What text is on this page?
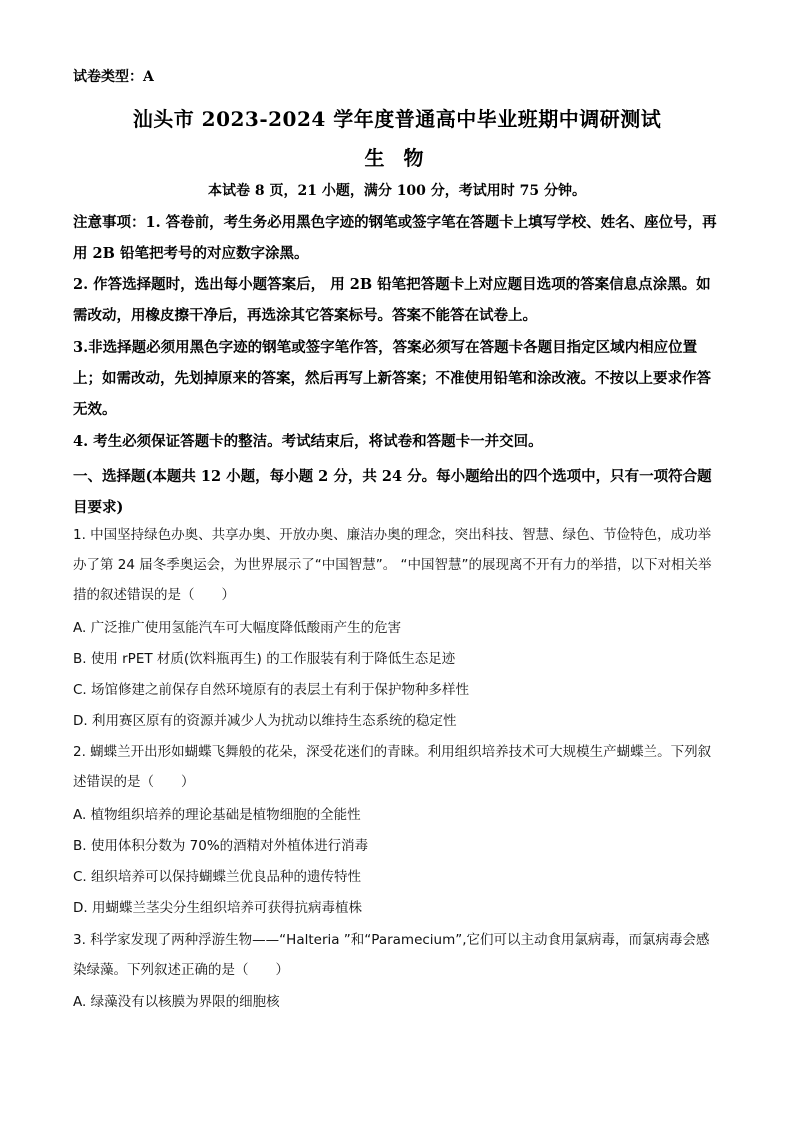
试卷类型：A
汕头市 2023-2024 学年度普通高中毕业班期中调研测试
生 物
本试卷 8 页，21 小题，满分 100 分，考试用时 75 分钟。

注意事项：1. 答卷前，考生务必用黑色字迹的钢笔或签字笔在答题卡上填写学校、姓名、座位号，再用 2B 铅笔把考号的对应数字涂黑。

2. 作答选择题时，选出每小题答案后， 用 2B 铅笔把答题卡上对应题目选项的答案信息点涂黑。如需改动，用橡皮擦干净后，再选涂其它答案标号。答案不能答在试卷上。

3.非选择题必须用黑色字迹的钢笔或签字笔作答，答案必须写在答题卡各题目指定区域内相应位置上；如需改动，先划掉原来的答案，然后再写上新答案；不准使用铅笔和涂改液。不按以上要求作答无效。

4. 考生必须保证答题卡的整洁。考试结束后，将试卷和答题卡一并交回。

一、选择题(本题共 12 小题，每小题 2 分，共 24 分。每小题给出的四个选项中，只有一项符合题目要求)

1. 中国坚持绿色办奥、共享办奥、开放办奥、廉洁办奥的理念，突出科技、智慧、绿色、节俭特色，成功举办了第 24 届冬季奥运会，为世界展示了“中国智慧”。 “中国智慧”的展现离不开有力的举措，以下对相关举措的叙述错误的是（　　）

A. 广泛推广使用氢能汽车可大幅度降低酸雨产生的危害
B. 使用 rPET 材质(饮料瓶再生) 的工作服装有利于降低生态足迹
C. 场馆修建之前保存自然环境原有的表层土有利于保护物种多样性
D. 利用赛区原有的资源并减少人为扰动以维持生态系统的稳定性

2. 蝴蝶兰开出形如蝴蝶飞舞般的花朵，深受花迷们的青睐。利用组织培养技术可大规模生产蝴蝶兰。下列叙述错误的是（　　）

A. 植物组织培养的理论基础是植物细胞的全能性
B. 使用体积分数为 70%的酒精对外植体进行消毒
C. 组织培养可以保持蝴蝶兰优良品种的遗传特性
D. 用蝴蝶兰茎尖分生组织培养可获得抗病毒植株

3. 科学家发现了两种浮游生物——“Halteria ”和“Paramecium”,它们可以主动食用氯病毒，而氯病毒会感染绿藻。下列叙述正确的是（　　）

A. 绿藻没有以核膜为界限的细胞核
